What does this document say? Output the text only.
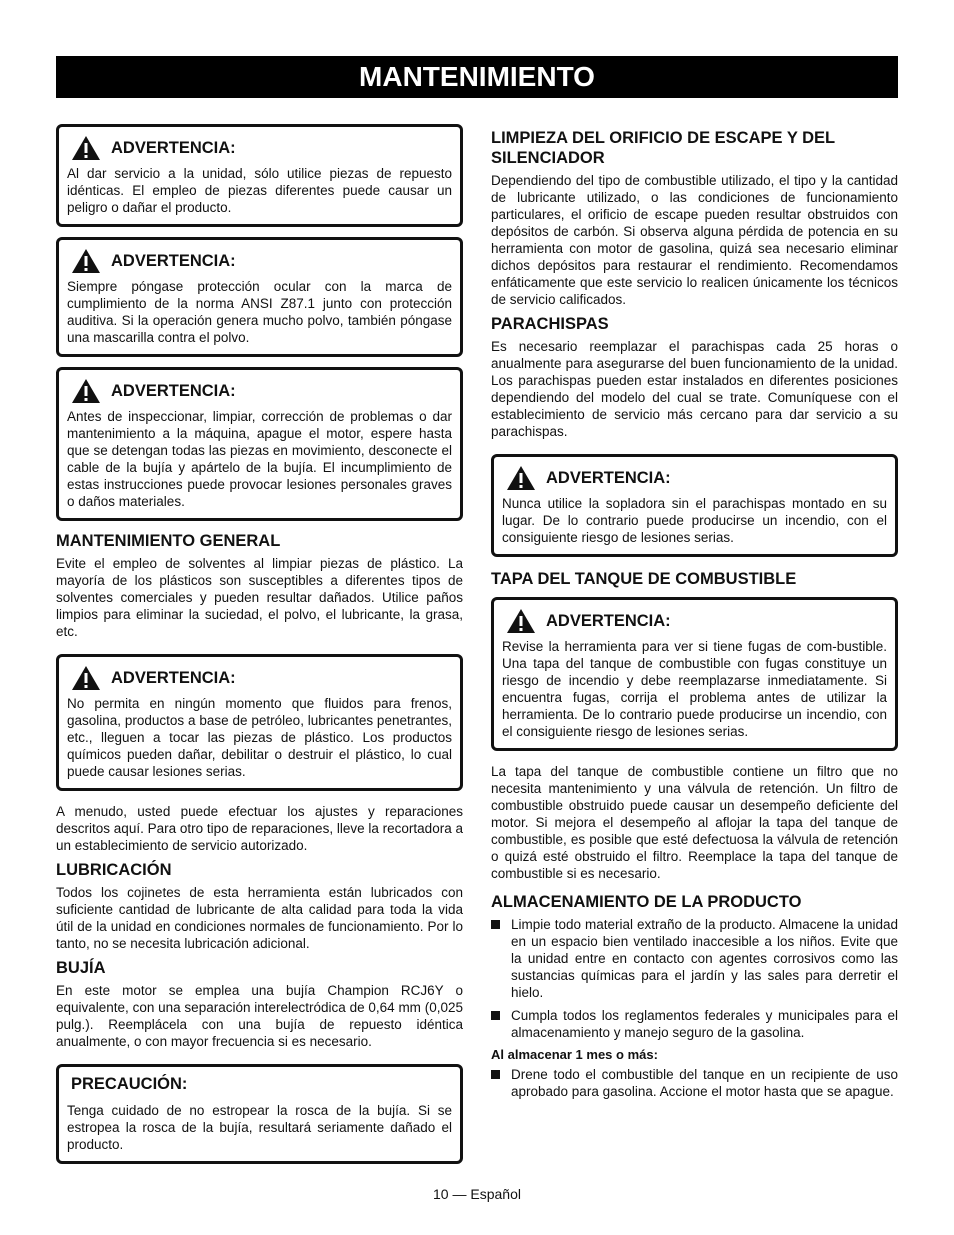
MANTENIMIENTO
ADVERTENCIA:

Al dar servicio a la unidad, sólo utilice piezas de repuesto idénticas. El empleo de piezas diferentes puede causar un peligro o dañar el producto.

ADVERTENCIA:

Siempre póngase protección ocular con la marca de cumplimiento de la norma ANSI Z87.1 junto con protección auditiva. Si la operación genera mucho polvo, también póngase una mascarilla contra el polvo.

ADVERTENCIA:

Antes de inspeccionar, limpiar, corrección de problemas o dar mantenimiento a la máquina, apague el motor, espere hasta que se detengan todas las piezas en movimiento, desconecte el cable de la bujía y apártelo de la bujía. El incumplimiento de estas instrucciones puede provocar lesiones personales graves o daños materiales.

MANTENIMIENTO GENERAL

Evite el empleo de solventes al limpiar piezas de plástico. La mayoría de los plásticos son susceptibles a diferentes tipos de solventes comerciales y pueden resultar dañados. Utilice paños limpios para eliminar la suciedad, el polvo, el lubricante, la grasa, etc.

ADVERTENCIA:

No permita en ningún momento que fluidos para frenos, gasolina, productos a base de petróleo, lubricantes penetrantes, etc., lleguen a tocar las piezas de plástico. Los productos químicos pueden dañar, debilitar o destruir el plástico, lo cual puede causar lesiones serias.

A menudo, usted puede efectuar los ajustes y reparaciones descritos aquí. Para otro tipo de reparaciones, lleve la recortadora a un establecimiento de servicio autorizado.

LUBRICACIÓN

Todos los cojinetes de esta herramienta están lubricados con suficiente cantidad de lubricante de alta calidad para toda la vida útil de la unidad en condiciones normales de funcionamiento. Por lo tanto, no se necesita lubricación adicional.

BUJÍA

En este motor se emplea una bujía Champion RCJ6Y o equivalente, con una separación interelectródica de 0,64 mm (0,025 pulg.). Reemplácela con una bujía de repuesto idéntica anualmente, o con mayor frecuencia si es necesario.

PRECAUCIÓN:

Tenga cuidado de no estropear la rosca de la bujía. Si se estropea la rosca de la bujía, resultará seriamente dañado el producto.

LIMPIEZA DEL ORIFICIO DE ESCAPE Y DEL SILENCIADOR

Dependiendo del tipo de combustible utilizado, el tipo y la cantidad de lubricante utilizado, o las condiciones de funcionamiento particulares, el orificio de escape pueden resultar obstruidos con depósitos de carbón. Si observa alguna pérdida de potencia en su herramienta con motor de gasolina, quizá sea necesario eliminar dichos depósitos para restaurar el rendimiento. Recomendamos enfáticamente que este servicio lo realicen únicamente los técnicos de servicio calificados.

PARACHISPAS

Es necesario reemplazar el parachispas cada 25 horas o anualmente para asegurarse del buen funcionamiento de la unidad. Los parachispas pueden estar instalados en diferentes posiciones dependiendo del modelo del cual se trate. Comuníquese con el establecimiento de servicio más cercano para dar servicio a su parachispas.

ADVERTENCIA:

Nunca utilice la sopladora sin el parachispas montado en su lugar. De lo contrario puede producirse un incendio, con el consiguiente riesgo de lesiones serias.

TAPA DEL TANQUE DE COMBUSTIBLE
ADVERTENCIA:

Revise la herramienta para ver si tiene fugas de com-bustible. Una tapa del tanque de combustible con fugas constituye un riesgo de incendio y debe reemplazarse inmediatamente. Si encuentra fugas, corrija el problema antes de utilizar la herramienta. De lo contrario puede producirse un incendio, con el consiguiente riesgo de lesiones serias.

La tapa del tanque de combustible contiene un filtro que no necesita mantenimiento y una válvula de retención. Un filtro de combustible obstruido puede causar un desempeño deficiente del motor. Si mejora el desempeño al aflojar la tapa del tanque de combustible, es posible que esté defectuosa la válvula de retención o quizá esté obstruido el filtro. Reemplace la tapa del tanque de combustible si es necesario.

ALMACENAMIENTO DE LA PRODUCTO
Limpie todo material extraño de la producto. Almacene la unidad en un espacio bien ventilado inaccesible a los niños. Evite que la unidad entre en contacto con agentes corrosivos como las sustancias químicas para el jardín y las sales para derretir el hielo.
Cumpla todos los reglamentos federales y municipales para el almacenamiento y manejo seguro de la gasolina.
Al almacenar 1 mes o más:
Drene todo el combustible del tanque en un recipiente de uso aprobado para gasolina. Accione el motor hasta que se apague.
10 — Español
